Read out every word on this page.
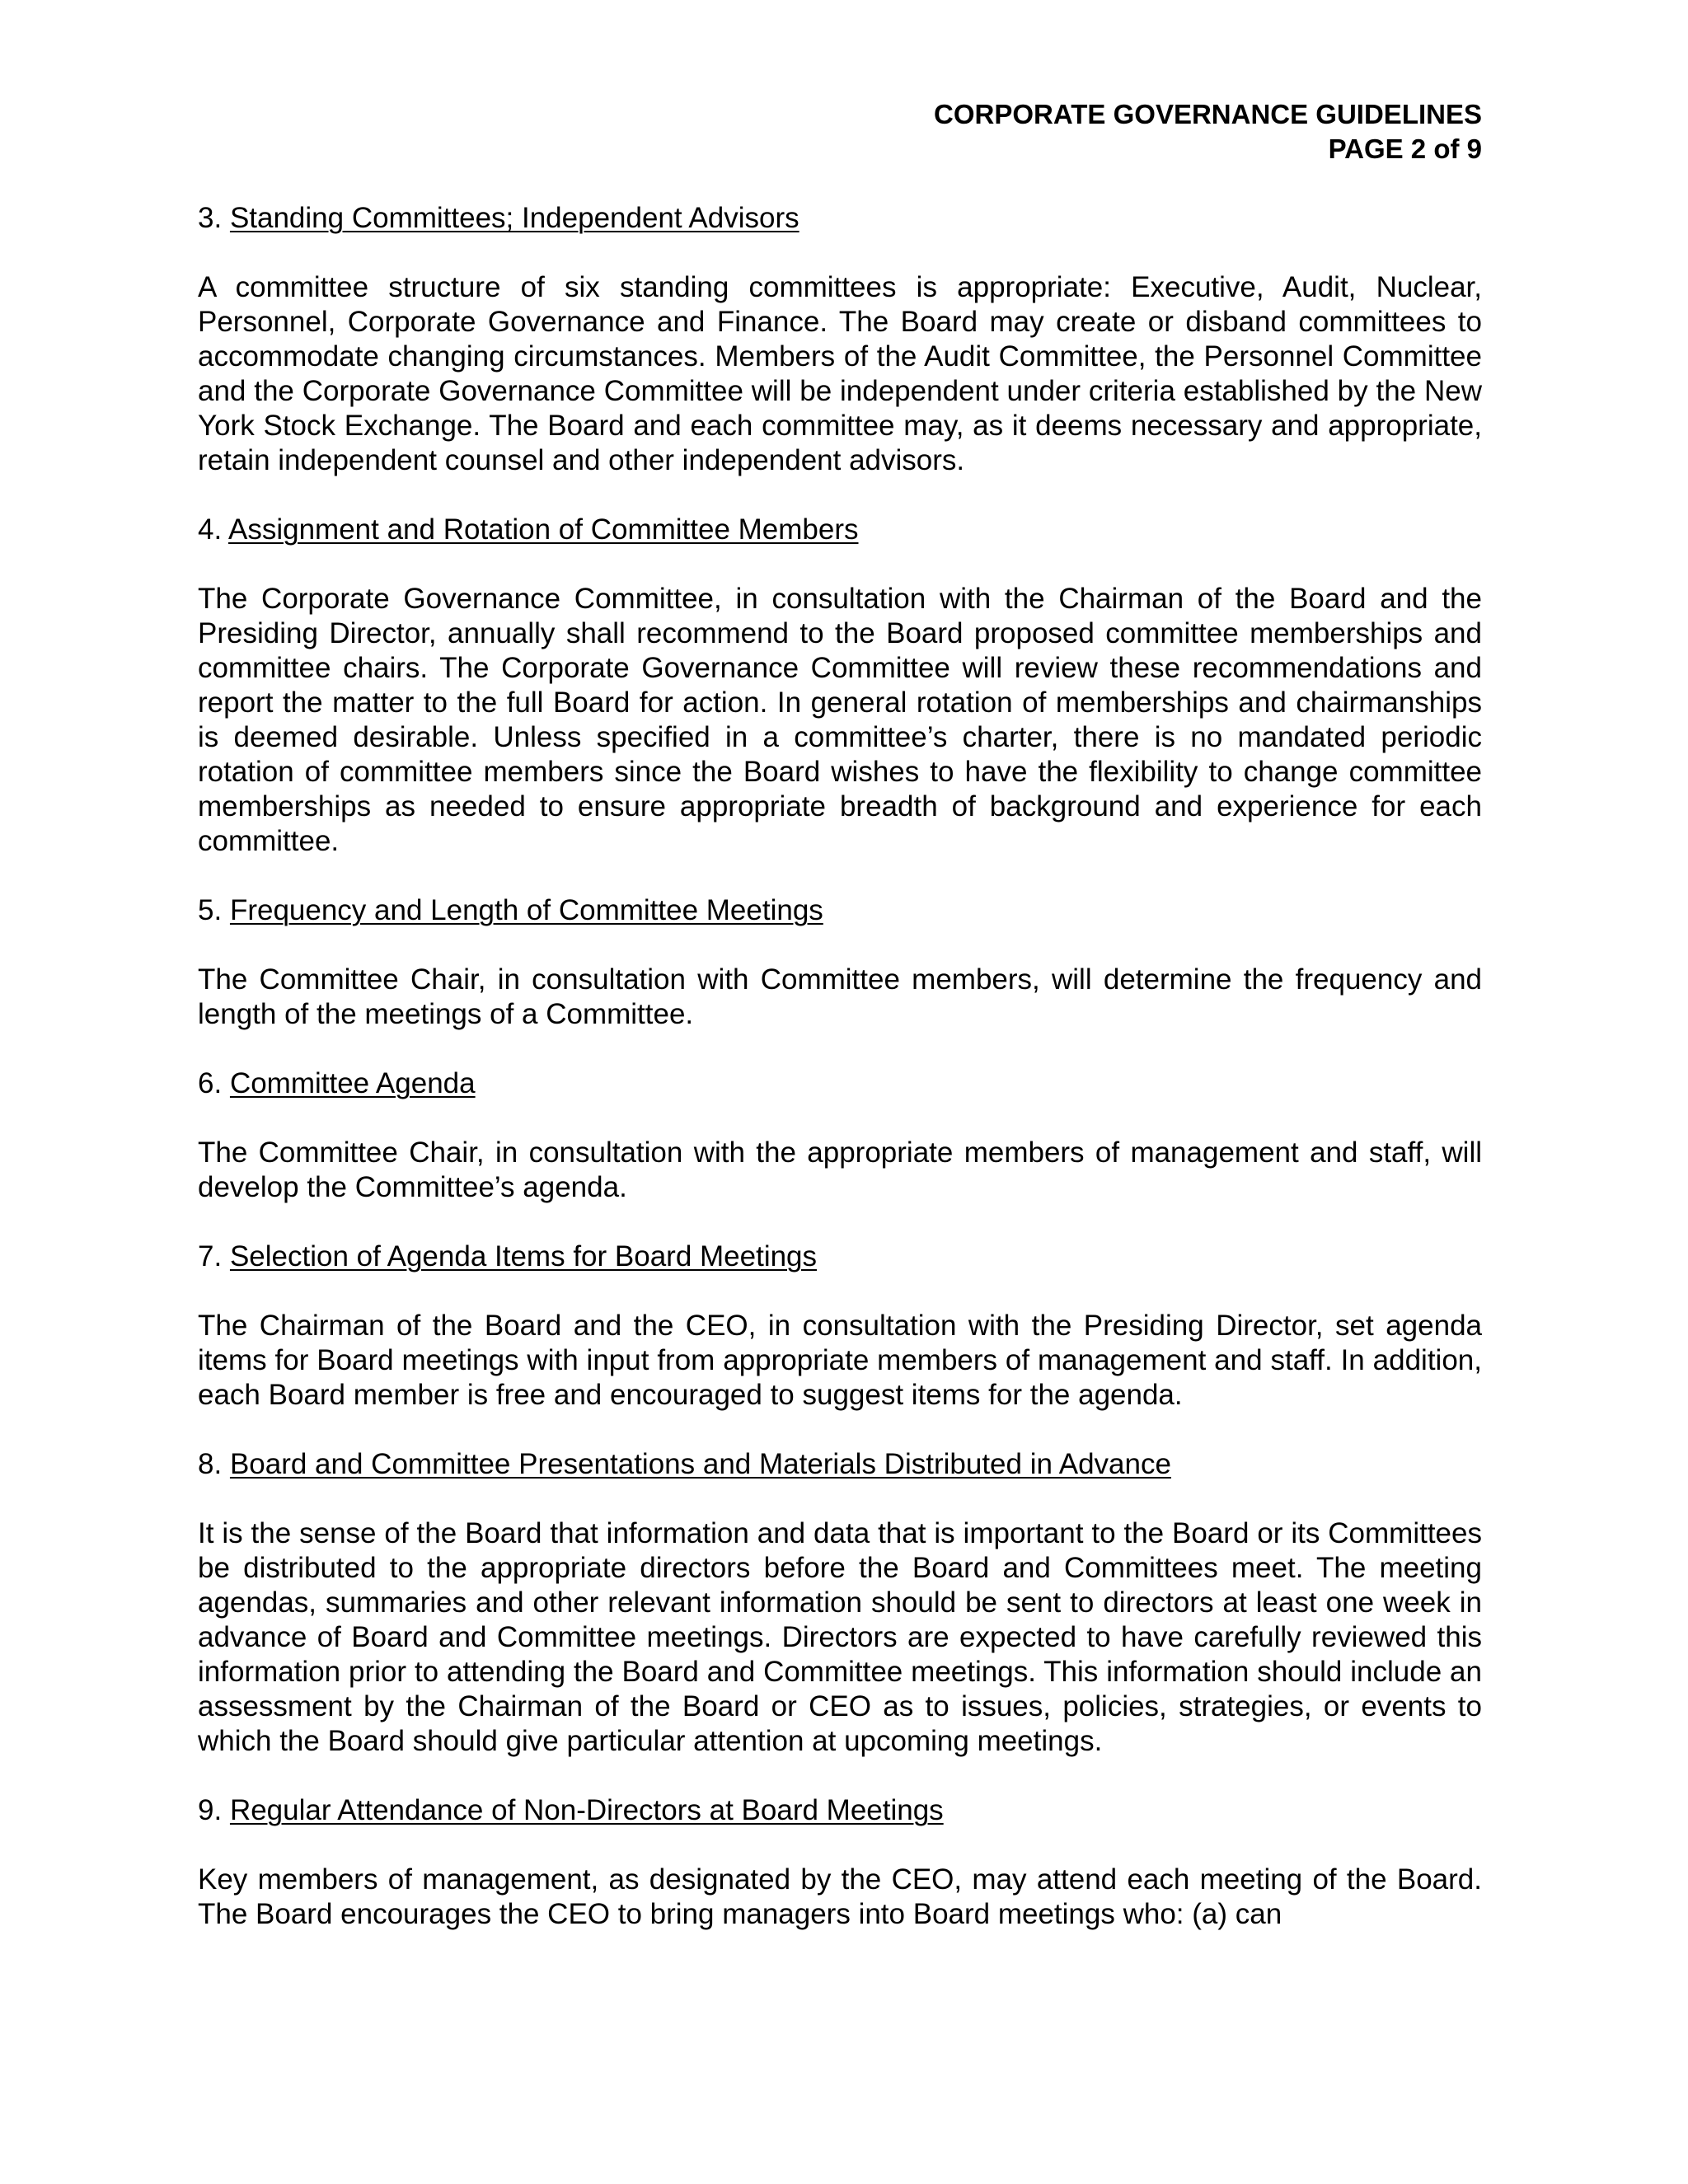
CORPORATE GOVERNANCE GUIDELINES
PAGE 2 of 9

3. Standing Committees; Independent Advisors

A committee structure of six standing committees is appropriate: Executive, Audit, Nuclear, Personnel, Corporate Governance and Finance. The Board may create or disband committees to accommodate changing circumstances. Members of the Audit Committee, the Personnel Committee and the Corporate Governance Committee will be independent under criteria established by the New York Stock Exchange. The Board and each committee may, as it deems necessary and appropriate, retain independent counsel and other independent advisors.

4. Assignment and Rotation of Committee Members

The Corporate Governance Committee, in consultation with the Chairman of the Board and the Presiding Director, annually shall recommend to the Board proposed committee memberships and committee chairs. The Corporate Governance Committee will review these recommendations and report the matter to the full Board for action. In general rotation of memberships and chairmanships is deemed desirable. Unless specified in a committee’s charter, there is no mandated periodic rotation of committee members since the Board wishes to have the flexibility to change committee memberships as needed to ensure appropriate breadth of background and experience for each committee.

5. Frequency and Length of Committee Meetings

The Committee Chair, in consultation with Committee members, will determine the frequency and length of the meetings of a Committee.

6. Committee Agenda

The Committee Chair, in consultation with the appropriate members of management and staff, will develop the Committee’s agenda.

7. Selection of Agenda Items for Board Meetings

The Chairman of the Board and the CEO, in consultation with the Presiding Director, set agenda items for Board meetings with input from appropriate members of management and staff. In addition, each Board member is free and encouraged to suggest items for the agenda.

8. Board and Committee Presentations and Materials Distributed in Advance

It is the sense of the Board that information and data that is important to the Board or its Committees be distributed to the appropriate directors before the Board and Committees meet. The meeting agendas, summaries and other relevant information should be sent to directors at least one week in advance of Board and Committee meetings. Directors are expected to have carefully reviewed this information prior to attending the Board and Committee meetings. This information should include an assessment by the Chairman of the Board or CEO as to issues, policies, strategies, or events to which the Board should give particular attention at upcoming meetings.

9. Regular Attendance of Non-Directors at Board Meetings

Key members of management, as designated by the CEO, may attend each meeting of the Board. The Board encourages the CEO to bring managers into Board meetings who: (a) can
